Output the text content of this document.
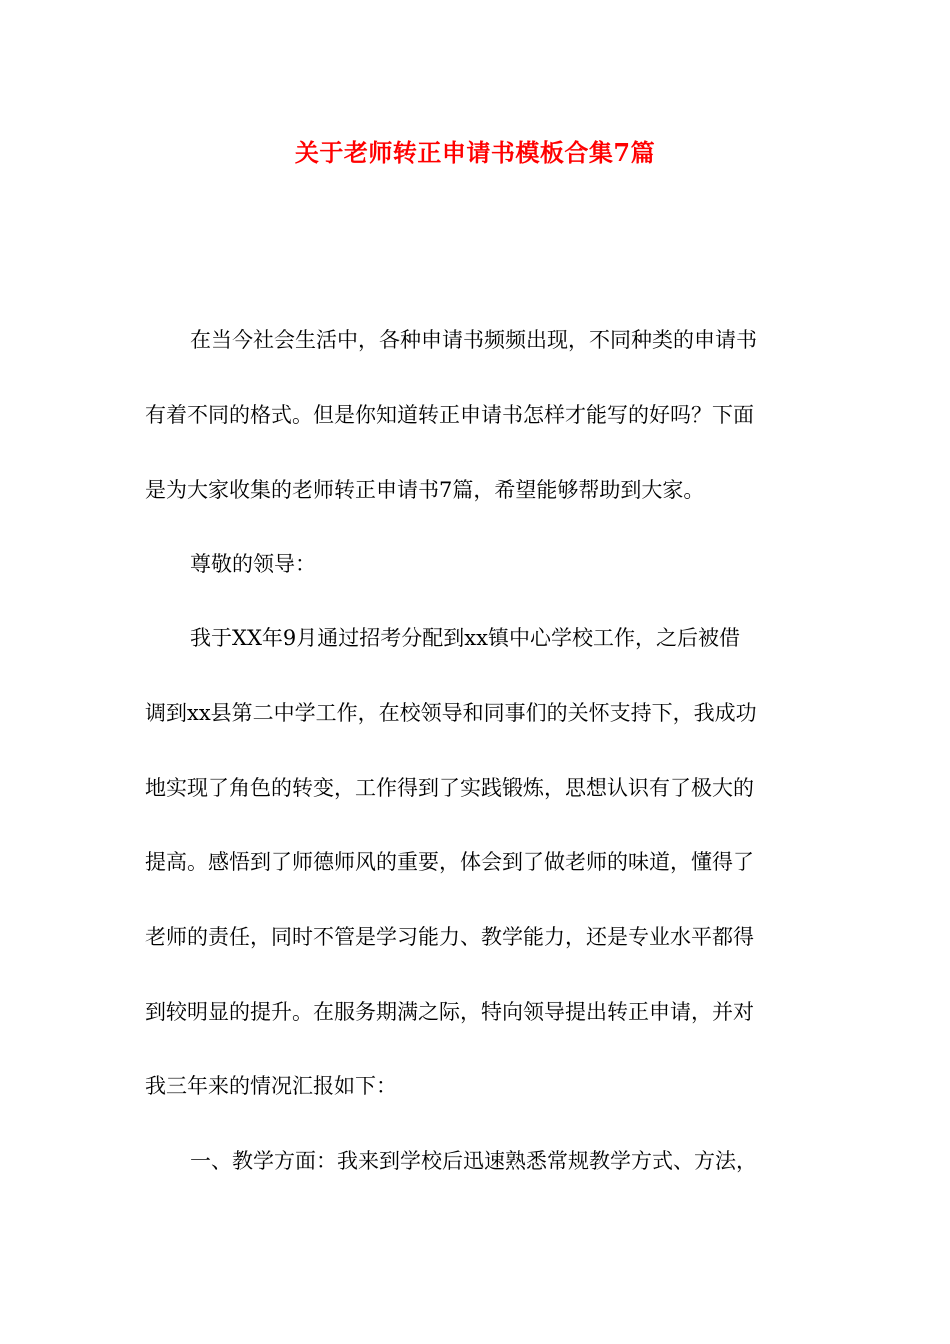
关于老师转正申请书模板合集7篇

在当今社会生活中，各种申请书频频出现，不同种类的申请书

有着不同的格式。但是你知道转正申请书怎样才能写的好吗？下面

是为大家收集的老师转正申请书7篇，希望能够帮助到大家。

尊敬的领导：

我于XX年9月通过招考分配到xx镇中心学校工作，之后被借

调到xx县第二中学工作，在校领导和同事们的关怀支持下，我成功

地实现了角色的转变，工作得到了实践锻炼，思想认识有了极大的

提高。感悟到了师德师风的重要，体会到了做老师的味道，懂得了

老师的责任，同时不管是学习能力、教学能力，还是专业水平都得

到较明显的提升。在服务期满之际，特向领导提出转正申请，并对

我三年来的情况汇报如下：

一、教学方面：我来到学校后迅速熟悉常规教学方式、方法，
